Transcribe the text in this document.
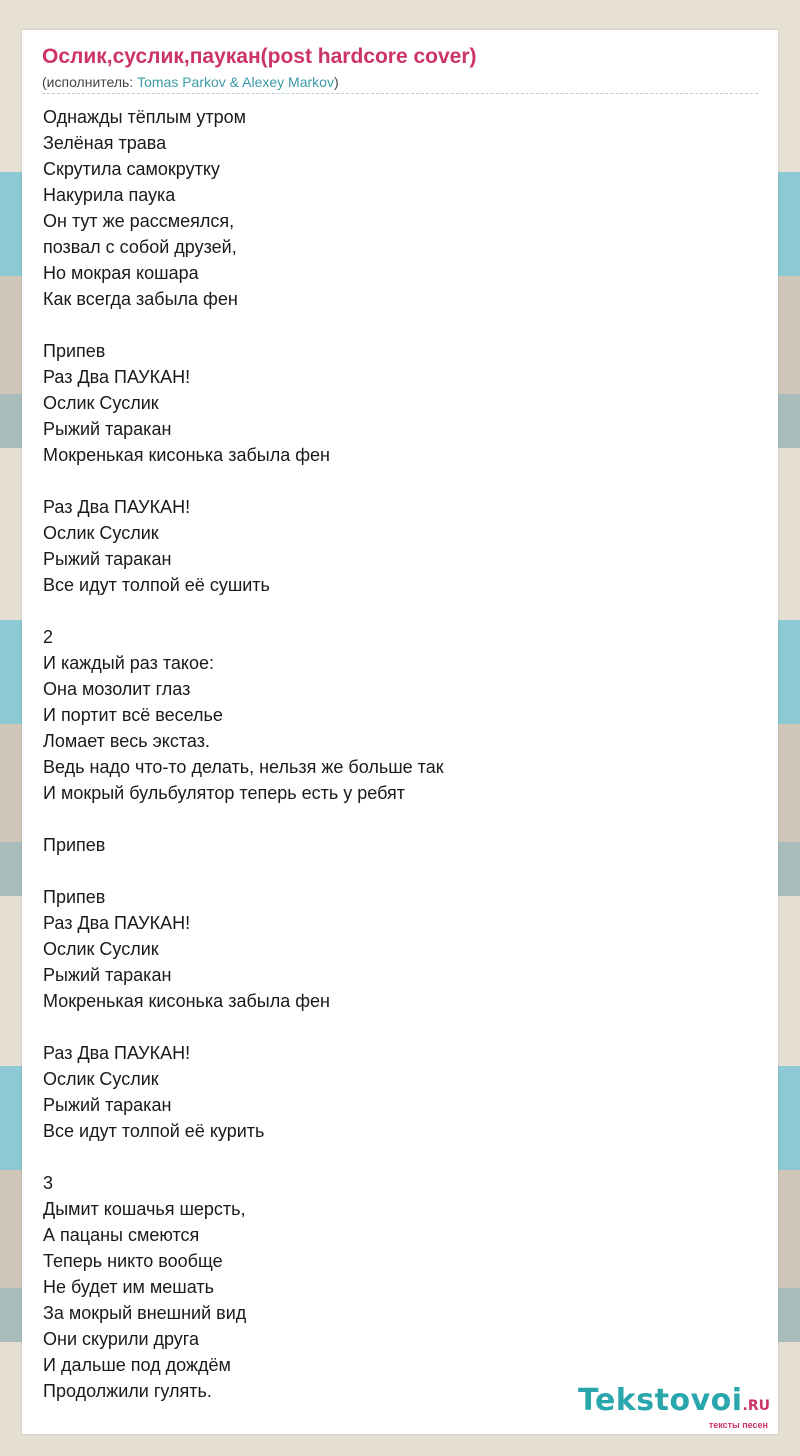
Ослик,суслик,паукан(post hardcore cover)
(исполнитель: Tomas Parkov & Alexey Markov)
Однажды тёплым утром
Зелёная трава
Скрутила самокрутку
Накурила паука
Он тут же рассмеялся,
позвал с собой друзей,
Но мокрая кошара
Как всегда забыла фен
Припев
Раз Два ПАУКАН!
Ослик Суслик
Рыжий таракан
Мокренькая кисонька забыла фен
Раз Два ПАУКАН!
Ослик Суслик
Рыжий таракан
Все идут толпой её сушить
2
И каждый раз такое:
Она мозолит глаз
И портит всё веселье
Ломает весь экстаз.
Ведь надо что-то делать, нельзя же больше так
И мокрый бульбулятор теперь есть у ребят
Припев
Припев
Раз Два ПАУКАН!
Ослик Суслик
Рыжий таракан
Мокренькая кисонька забыла фен
Раз Два ПАУКАН!
Ослик Суслик
Рыжий таракан
Все идут толпой её курить
3
Дымит кошачья шерсть,
А пацаны смеются
Теперь никто вообще
Не будет им мешать
За мокрый внешний вид
Они скурили друга
И дальше под дождём
Продолжили гулять.	Tekstovoi.RU
тексты песен
